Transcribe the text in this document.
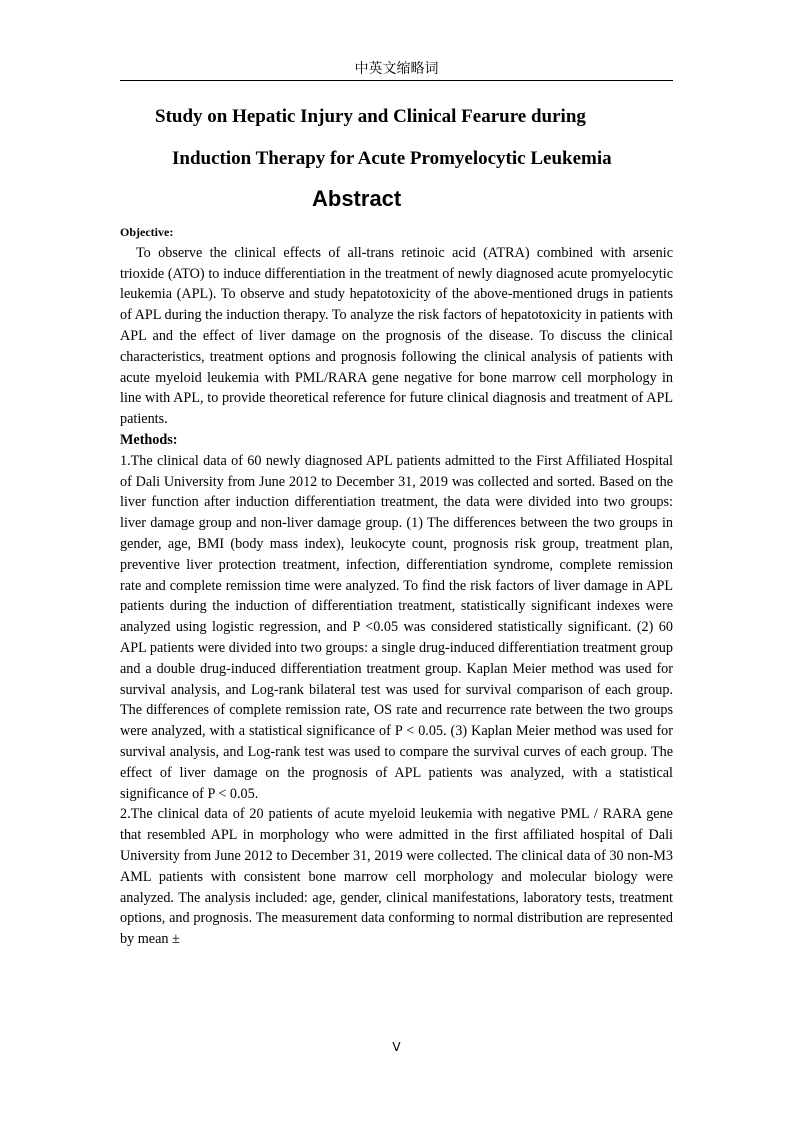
中英文缩略词
Study on Hepatic Injury and Clinical Fearure during
Induction Therapy for Acute Promyelocytic Leukemia
Abstract
Objective:

To observe the clinical effects of all-trans retinoic acid (ATRA) combined with arsenic trioxide (ATO) to induce differentiation in the treatment of newly diagnosed acute promyelocytic leukemia (APL). To observe and study hepatotoxicity of the above-mentioned drugs in patients of APL during the induction therapy. To analyze the risk factors of hepatotoxicity in patients with APL and the effect of liver damage on the prognosis of the disease. To discuss the clinical characteristics, treatment options and prognosis following the clinical analysis of patients with acute myeloid leukemia with PML/RARA gene negative for bone marrow cell morphology in line with APL, to provide theoretical reference for future clinical diagnosis and treatment of APL patients.

Methods:

1.The clinical data of 60 newly diagnosed APL patients admitted to the First Affiliated Hospital of Dali University from June 2012 to December 31, 2019 was collected and sorted. Based on the liver function after induction differentiation treatment, the data were divided into two groups: liver damage group and non-liver damage group. (1) The differences between the two groups in gender, age, BMI (body mass index), leukocyte count, prognosis risk group, treatment plan, preventive liver protection treatment, infection, differentiation syndrome, complete remission rate and complete remission time were analyzed. To find the risk factors of liver damage in APL patients during the induction of differentiation treatment, statistically significant indexes were analyzed using logistic regression, and P <0.05 was considered statistically significant. (2) 60 APL patients were divided into two groups: a single drug-induced differentiation treatment group and a double drug-induced differentiation treatment group. Kaplan Meier method was used for survival analysis, and Log-rank bilateral test was used for survival comparison of each group. The differences of complete remission rate, OS rate and recurrence rate between the two groups were analyzed, with a statistical significance of P < 0.05. (3) Kaplan Meier method was used for survival analysis, and Log-rank test was used to compare the survival curves of each group. The effect of liver damage on the prognosis of APL patients was analyzed, with a statistical significance of P < 0.05.

2.The clinical data of 20 patients of acute myeloid leukemia with negative PML / RARA gene that resembled APL in morphology who were admitted in the first affiliated hospital of Dali University from June 2012 to December 31, 2019 were collected. The clinical data of 30 non-M3 AML patients with consistent bone marrow cell morphology and molecular biology were analyzed. The analysis included: age, gender, clinical manifestations, laboratory tests, treatment options, and prognosis. The measurement data conforming to normal distribution are represented by mean ±

V
